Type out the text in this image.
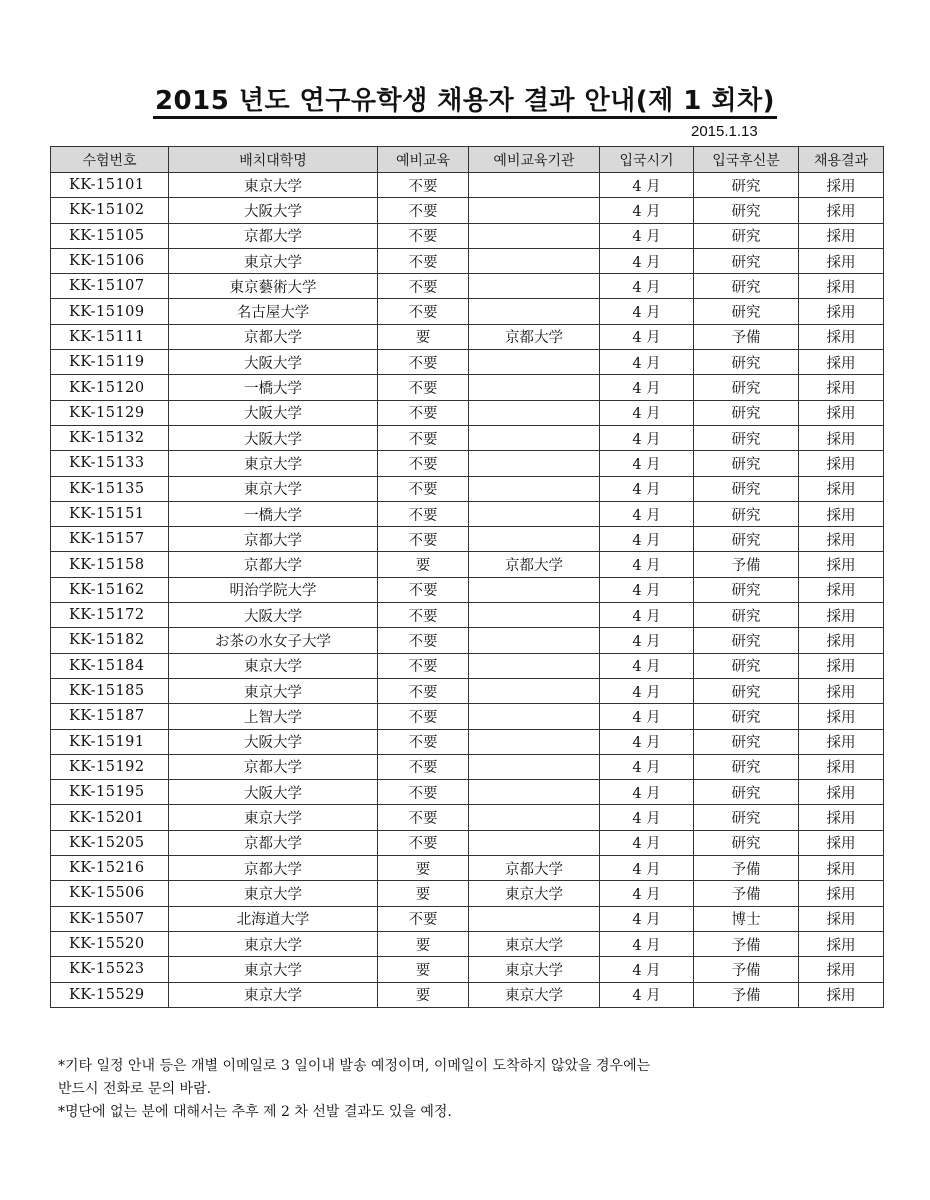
2015 년도 연구유학생 채용자 결과 안내(제 1 회차)
2015.1.13
수험번호	배치대학명	예비교육	예비교육기관	입국시기	입국후신분	채용결과
KK-15101	東京大学	不要		4 月	研究	採用
KK-15102	大阪大学	不要		4 月	研究	採用
KK-15105	京都大学	不要		4 月	研究	採用
KK-15106	東京大学	不要		4 月	研究	採用
KK-15107	東京藝術大学	不要		4 月	研究	採用
KK-15109	名古屋大学	不要		4 月	研究	採用
KK-15111	京都大学	要	京都大学	4 月	予備	採用
KK-15119	大阪大学	不要		4 月	研究	採用
KK-15120	一橋大学	不要		4 月	研究	採用
KK-15129	大阪大学	不要		4 月	研究	採用
KK-15132	大阪大学	不要		4 月	研究	採用
KK-15133	東京大学	不要		4 月	研究	採用
KK-15135	東京大学	不要		4 月	研究	採用
KK-15151	一橋大学	不要		4 月	研究	採用
KK-15157	京都大学	不要		4 月	研究	採用
KK-15158	京都大学	要	京都大学	4 月	予備	採用
KK-15162	明治学院大学	不要		4 月	研究	採用
KK-15172	大阪大学	不要		4 月	研究	採用
KK-15182	お茶の水女子大学	不要		4 月	研究	採用
KK-15184	東京大学	不要		4 月	研究	採用
KK-15185	東京大学	不要		4 月	研究	採用
KK-15187	上智大学	不要		4 月	研究	採用
KK-15191	大阪大学	不要		4 月	研究	採用
KK-15192	京都大学	不要		4 月	研究	採用
KK-15195	大阪大学	不要		4 月	研究	採用
KK-15201	東京大学	不要		4 月	研究	採用
KK-15205	京都大学	不要		4 月	研究	採用
KK-15216	京都大学	要	京都大学	4 月	予備	採用
KK-15506	東京大学	要	東京大学	4 月	予備	採用
KK-15507	北海道大学	不要		4 月	博士	採用
KK-15520	東京大学	要	東京大学	4 月	予備	採用
KK-15523	東京大学	要	東京大学	4 月	予備	採用
KK-15529	東京大学	要	東京大学	4 月	予備	採用
*기타 일정 안내 등은 개별 이메일로 3 일이내 발송 예정이며, 이메일이 도착하지 않았을 경우에는
반드시 전화로 문의 바람.
*명단에 없는 분에 대해서는 추후 제 2 차 선발 결과도 있을 예정.
